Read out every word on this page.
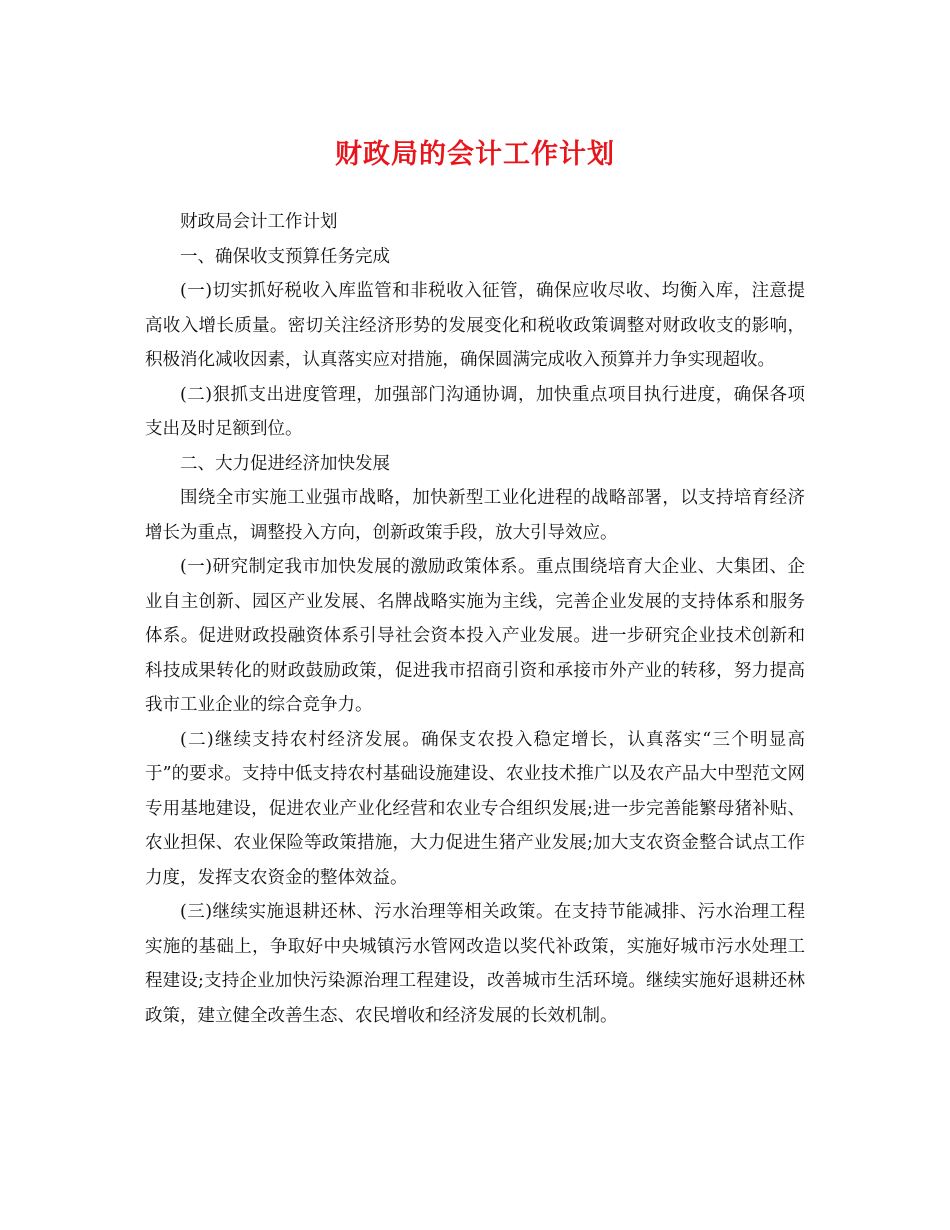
财政局的会计工作计划

财政局会计工作计划

一、确保收支预算任务完成

(一)切实抓好税收入库监管和非税收入征管，确保应收尽收、均衡入库，注意提高收入增长质量。密切关注经济形势的发展变化和税收政策调整对财政收支的影响，积极消化减收因素，认真落实应对措施，确保圆满完成收入预算并力争实现超收。

(二)狠抓支出进度管理，加强部门沟通协调，加快重点项目执行进度，确保各项支出及时足额到位。

二、大力促进经济加快发展

围绕全市实施工业强市战略，加快新型工业化进程的战略部署，以支持培育经济增长为重点，调整投入方向，创新政策手段，放大引导效应。

(一)研究制定我市加快发展的激励政策体系。重点围绕培育大企业、大集团、企业自主创新、园区产业发展、名牌战略实施为主线，完善企业发展的支持体系和服务体系。促进财政投融资体系引导社会资本投入产业发展。进一步研究企业技术创新和科技成果转化的财政鼓励政策，促进我市招商引资和承接市外产业的转移，努力提高我市工业企业的综合竞争力。

(二)继续支持农村经济发展。确保支农投入稳定增长，认真落实“三个明显高于”的要求。支持中低支持农村基础设施建设、农业技术推广以及农产品大中型范文网专用基地建设，促进农业产业化经营和农业专合组织发展;进一步完善能繁母猪补贴、农业担保、农业保险等政策措施，大力促进生猪产业发展;加大支农资金整合试点工作力度，发挥支农资金的整体效益。

(三)继续实施退耕还林、污水治理等相关政策。在支持节能减排、污水治理工程实施的基础上，争取好中央城镇污水管网改造以奖代补政策，实施好城市污水处理工程建设;支持企业加快污染源治理工程建设，改善城市生活环境。继续实施好退耕还林政策，建立健全改善生态、农民增收和经济发展的长效机制。
